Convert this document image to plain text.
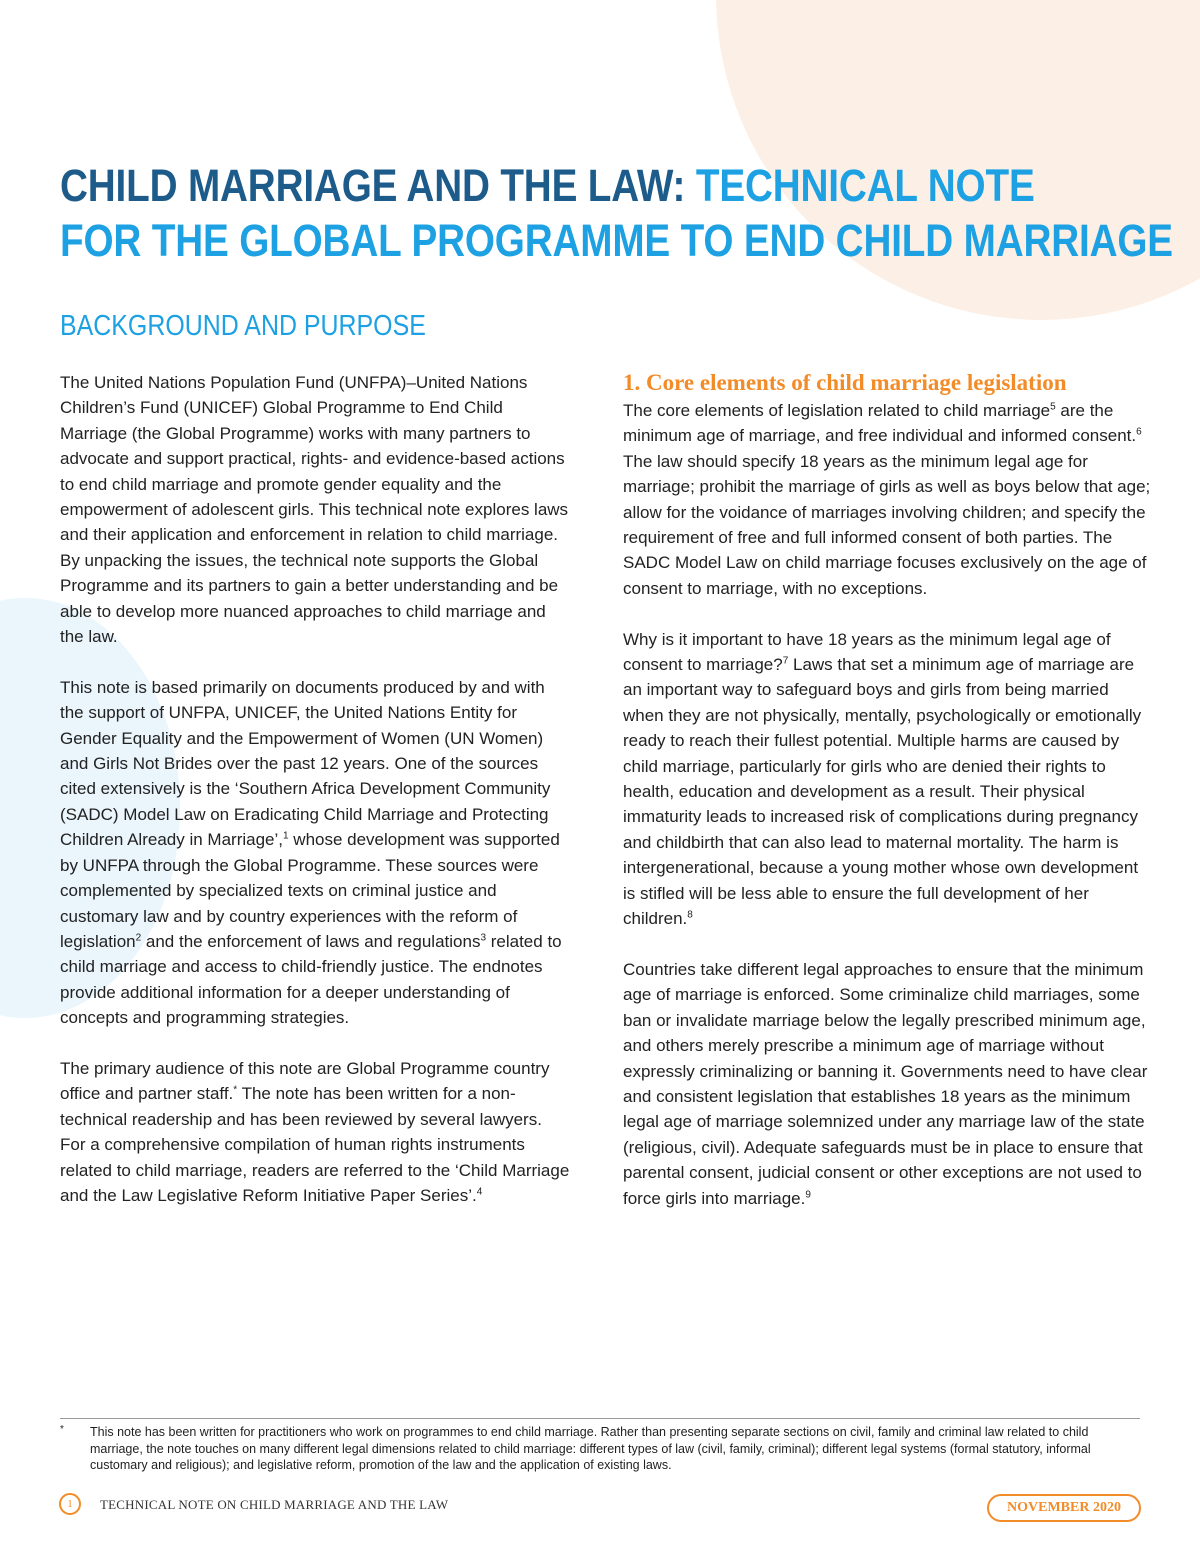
CHILD MARRIAGE AND THE LAW: TECHNICAL NOTE
FOR THE GLOBAL PROGRAMME TO END CHILD MARRIAGE
BACKGROUND AND PURPOSE

The United Nations Population Fund (UNFPA)–United Nations Children’s Fund (UNICEF) Global Programme to End Child Marriage (the Global Programme) works with many partners to advocate and support practical, rights- and evidence-based actions to end child marriage and promote gender equality and the empowerment of adolescent girls. This technical note explores laws and their application and enforcement in relation to child marriage. By unpacking the issues, the technical note supports the Global Programme and its partners to gain a better understanding and be able to develop more nuanced approaches to child marriage and the law.

This note is based primarily on documents produced by and with the support of UNFPA, UNICEF, the United Nations Entity for Gender Equality and the Empowerment of Women (UN Women) and Girls Not Brides over the past 12 years. One of the sources cited extensively is the ‘Southern Africa Development Community (SADC) Model Law on Eradicating Child Marriage and Protecting Children Already in Marriage’,$^1$ whose development was supported by UNFPA through the Global Programme. These sources were complemented by specialized texts on criminal justice and customary law and by country experiences with the reform of legislation$^2$ and the enforcement of laws and regulations$^3$ related to child marriage and access to child-friendly justice. The endnotes provide additional information for a deeper understanding of concepts and programming strategies.

The primary audience of this note are Global Programme country office and partner staff.* The note has been written for a non-technical readership and has been reviewed by several lawyers. For a comprehensive compilation of human rights instruments related to child marriage, readers are referred to the ‘Child Marriage and the Law Legislative Reform Initiative Paper Series’.$^4$

1. Core elements of child marriage legislation

The core elements of legislation related to child marriage$^5$ are the minimum age of marriage, and free individual and informed consent.$^6$ The law should specify 18 years as the minimum legal age for marriage; prohibit the marriage of girls as well as boys below that age; allow for the voidance of marriages involving children; and specify the requirement of free and full informed consent of both parties. The SADC Model Law on child marriage focuses exclusively on the age of consent to marriage, with no exceptions.

Why is it important to have 18 years as the minimum legal age of consent to marriage?$^7$ Laws that set a minimum age of marriage are an important way to safeguard boys and girls from being married when they are not physically, mentally, psychologically or emotionally ready to reach their fullest potential. Multiple harms are caused by child marriage, particularly for girls who are denied their rights to health, education and development as a result. Their physical immaturity leads to increased risk of complications during pregnancy and childbirth that can also lead to maternal mortality. The harm is intergenerational, because a young mother whose own development is stifled will be less able to ensure the full development of her children.$^8$

Countries take different legal approaches to ensure that the minimum age of marriage is enforced. Some criminalize child marriages, some ban or invalidate marriage below the legally prescribed minimum age, and others merely prescribe a minimum age of marriage without expressly criminalizing or banning it. Governments need to have clear and consistent legislation that establishes 18 years as the minimum legal age of marriage solemnized under any marriage law of the state (religious, civil). Adequate safeguards must be in place to ensure that parental consent, judicial consent or other exceptions are not used to force girls into marriage.$^9$

* This note has been written for practitioners who work on programmes to end child marriage. Rather than presenting separate sections on civil, family and criminal law related to child marriage, the note touches on many different legal dimensions related to child marriage: different types of law (civil, family, criminal); different legal systems (formal statutory, informal customary and religious); and legislative reform, promotion of the law and the application of existing laws.
1	TECHNICAL NOTE ON CHILD MARRIAGE AND THE LAW	NOVEMBER 2020
